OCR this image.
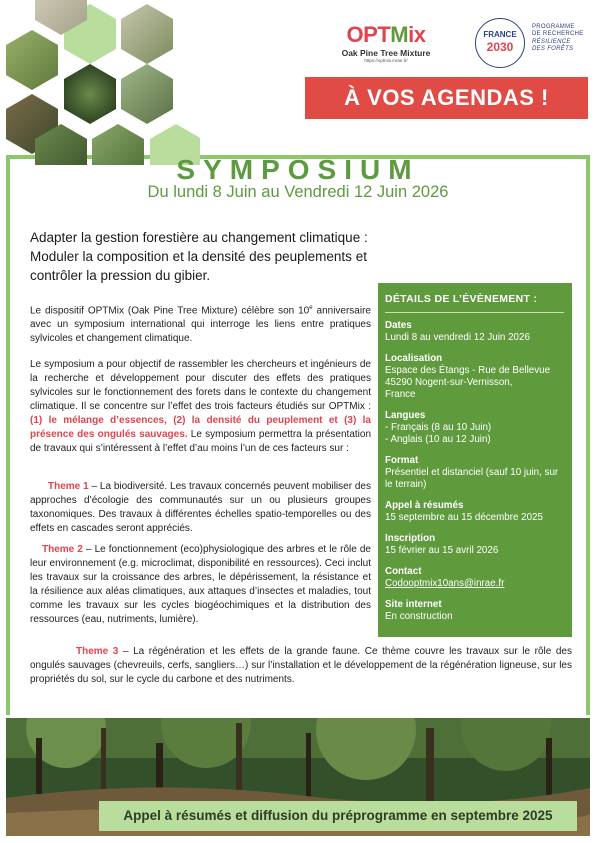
OPTMix
Oak Pine Tree Mixture
https://optmix.inrae.fr/
FRANCE
2030
PROGRAMME
DE RECHERCHE
RÉSILIENCE
DES FORÊTS
À VOS AGENDAS !
SYMPOSIUM
Du lundi 8 Juin au Vendredi 12 Juin 2026
Adapter la gestion forestière au changement climatique : Moduler la composition et la densité des peuplements et contrôler la pression du gibier.
Le dispositif OPTMix (Oak Pine Tree Mixture) célèbre son 10e anniversaire avec un symposium international qui interroge les liens entre pratiques sylvicoles et changement climatique.
Le symposium a pour objectif de rassembler les chercheurs et ingénieurs de la recherche et développement pour discuter des effets des pratiques sylvicoles sur le fonctionnement des forets dans le contexte du changement climatique. Il se concentre sur l’effet des trois facteurs étudiés sur OPTMix : (1) le mélange d’essences, (2) la densité du peuplement et (3) la présence des ongulés sauvages. Le symposium permettra la présentation de travaux qui s’intéressent à l’effet d’au moins l’un de ces facteurs sur :
Theme 1 – La biodiversité. Les travaux concernés peuvent mobiliser des approches d’écologie des communautés sur un ou plusieurs groupes taxonomiques. Des travaux à différentes échelles spatio-temporelles ou des effets en cascades seront appréciés.
Theme 2 – Le fonctionnement (eco)physiologique des arbres et le rôle de leur environnement (e.g. microclimat, disponibilité en ressources). Ceci inclut les travaux sur la croissance des arbres, le dépérissement, la résistance et la résilience aux aléas climatiques, aux attaques d’insectes et maladies, tout comme les travaux sur les cycles biogéochimiques et la distribution des ressources (eau, nutriments, lumière).
Theme 3 – La régénération et les effets de la grande faune. Ce thème couvre les travaux sur le rôle des ongulés sauvages (chevreuils, cerfs, sangliers…) sur l’installation et le développement de la régénération ligneuse, sur les propriétés du sol, sur le cycle du carbone et des nutriments.
DÉTAILS DE L’ÉVÈNEMENT :
Dates
Lundi 8 au vendredi 12 Juin 2026
Localisation
Espace des Étangs - Rue de Bellevue
45290 Nogent-sur-Vernisson,
France
Langues
- Français (8 au 10 Juin)
- Anglais (10 au 12 Juin)
Format
Présentiel et distanciel (sauf 10 juin, sur le terrain)
Appel à résumés
15 septembre au 15 décembre 2025
Inscription
15 février au 15 avril 2026
Contact
Codooptmix10ans@inrae.fr
Site internet
En construction
Appel à résumés et diffusion du préprogramme en septembre 2025
